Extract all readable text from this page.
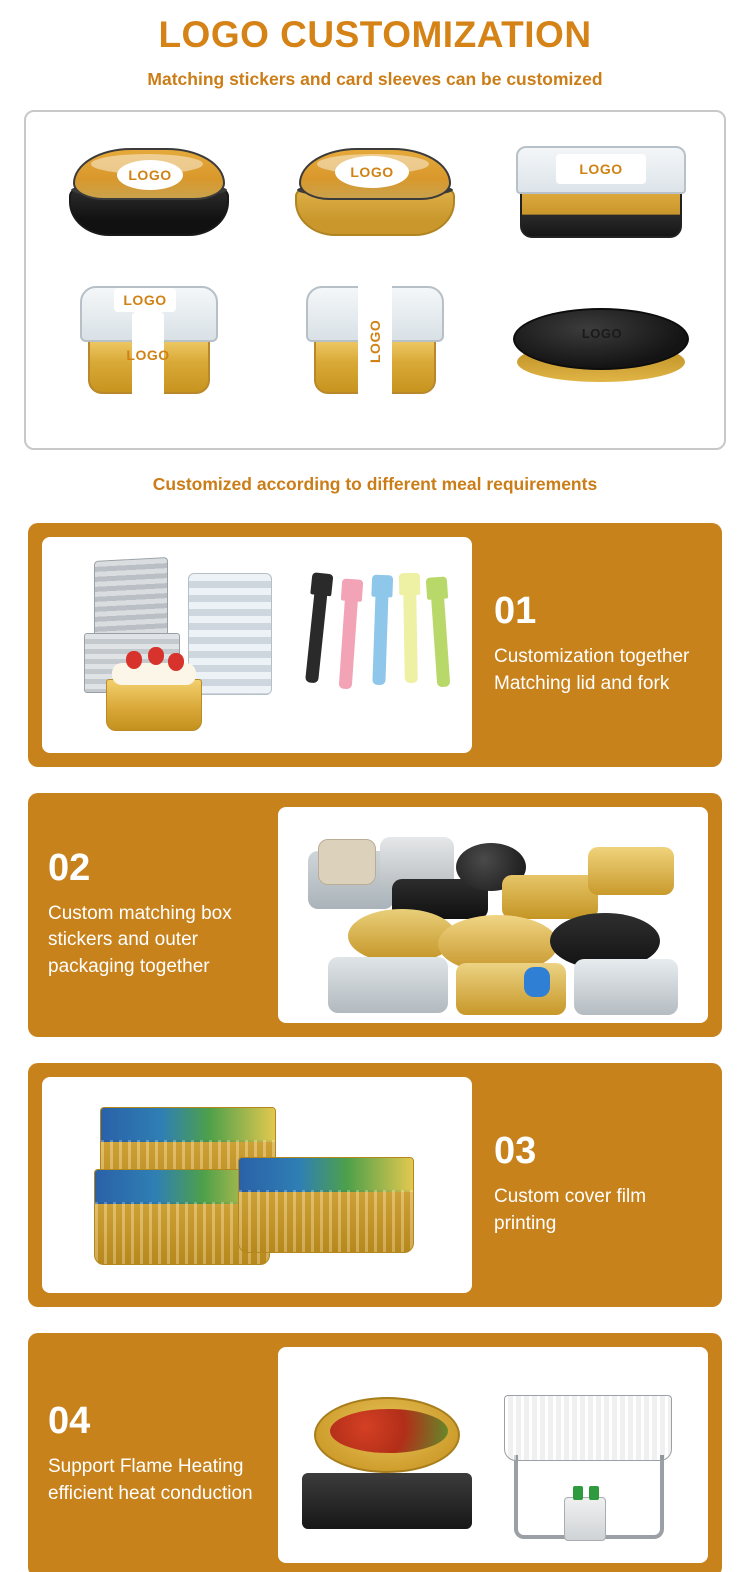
LOGO CUSTOMIZATION
Matching stickers and card sleeves can be customized
LOGO	LOGO	LOGO
LOGO
LOGO	LOGO	LOGO
Customized according to different meal requirements
01
Customization together Matching lid and fork
02
Custom matching box stickers and outer packaging together
03
Custom cover film printing
04
Support Flame Heating efficient heat conduction
